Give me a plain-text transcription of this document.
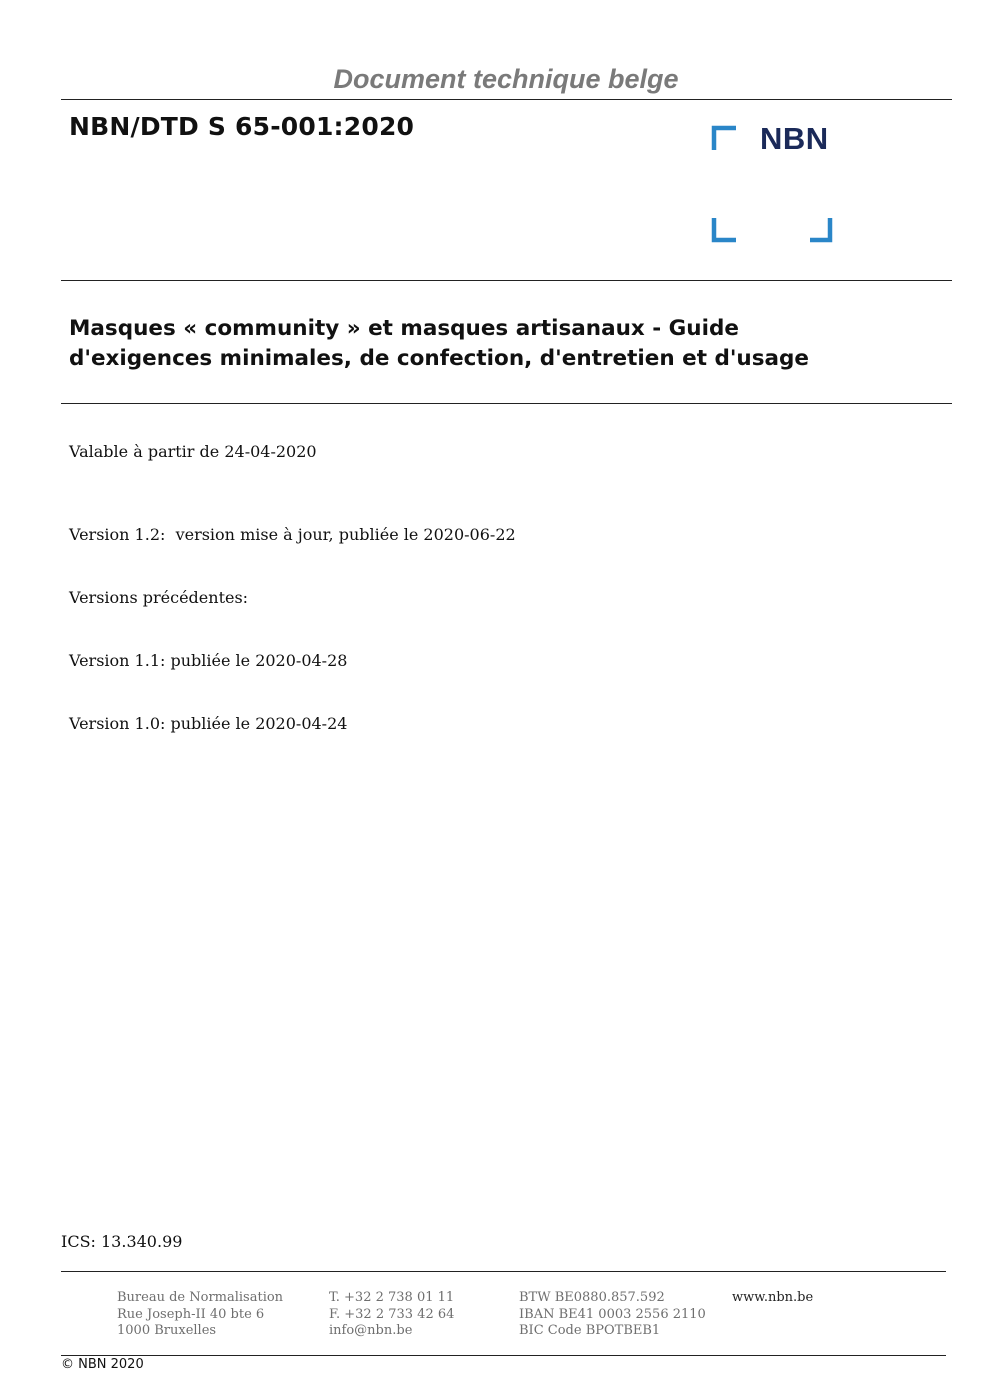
Document technique belge
NBN/DTD S 65-001:2020	NBN
Masques « community » et masques artisanaux - Guide
d'exigences minimales, de confection, d'entretien et d'usage
Valable à partir de 24-04-2020

Version 1.2:  version mise à jour, publiée le 2020-06-22

Versions précédentes:

Version 1.1: publiée le 2020-04-28

Version 1.0: publiée le 2020-04-24

ICS: 13.340.99
Bureau de Normalisation
Rue Joseph-II 40 bte 6
1000 Bruxelles
T. +32 2 738 01 11
F. +32 2 733 42 64
info@nbn.be
BTW BE0880.857.592
IBAN BE41 0003 2556 2110
BIC Code BPOTBEB1
www.nbn.be
© NBN 2020
